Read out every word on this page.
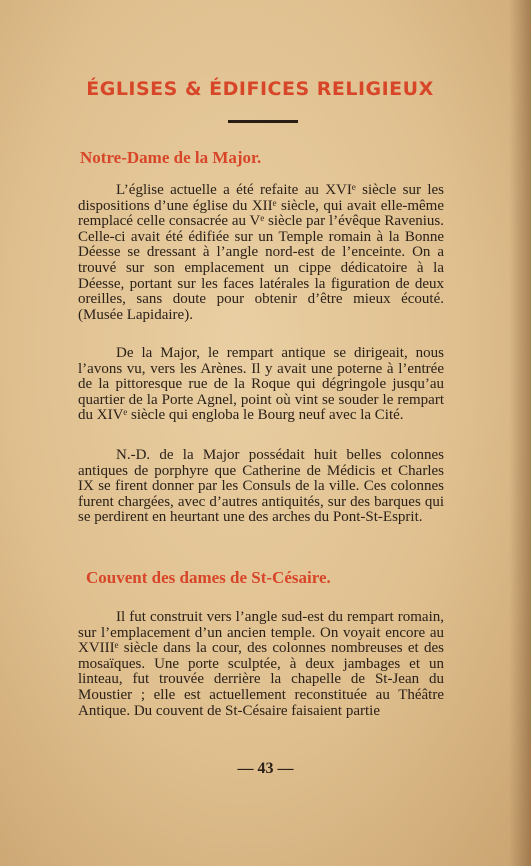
ÉGLISES & ÉDIFICES RELIGIEUX
Notre-Dame de la Major.

L’église actuelle a été refaite au XVIᵉ siècle sur les dispositions d’une église du XIIᵉ siècle, qui avait elle-même remplacé celle consacrée au Vᵉ siècle par l’évêque Ravenius. Celle-ci avait été édifiée sur un Temple romain à la Bonne Déesse se dressant à l’angle nord-est de l’enceinte. On a trouvé sur son emplacement un cippe dédicatoire à la Déesse, portant sur les faces latérales la figuration de deux oreilles, sans doute pour obtenir d’être mieux écouté. (Musée Lapidaire).

De la Major, le rempart antique se dirigeait, nous l’avons vu, vers les Arènes. Il y avait une poterne à l’entrée de la pittoresque rue de la Roque qui dégringole jusqu’au quartier de la Porte Agnel, point où vint se souder le rempart du XIVᵉ siècle qui engloba le Bourg neuf avec la Cité.

N.-D. de la Major possédait huit belles colonnes antiques de porphyre que Catherine de Médicis et Charles IX se firent donner par les Consuls de la ville. Ces colonnes furent chargées, avec d’autres antiquités, sur des barques qui se perdirent en heurtant une des arches du Pont-St-Esprit.

Couvent des dames de St-Césaire.

Il fut construit vers l’angle sud-est du rempart romain, sur l’emplacement d’un ancien temple. On voyait encore au XVIIIᵉ siècle dans la cour, des colonnes nombreuses et des mosaïques. Une porte sculptée, à deux jambages et un linteau, fut trouvée derrière la chapelle de St-Jean du Moustier ; elle est actuellement reconstituée au Théâtre Antique. Du couvent de St-Césaire faisaient partie

— 43 —
